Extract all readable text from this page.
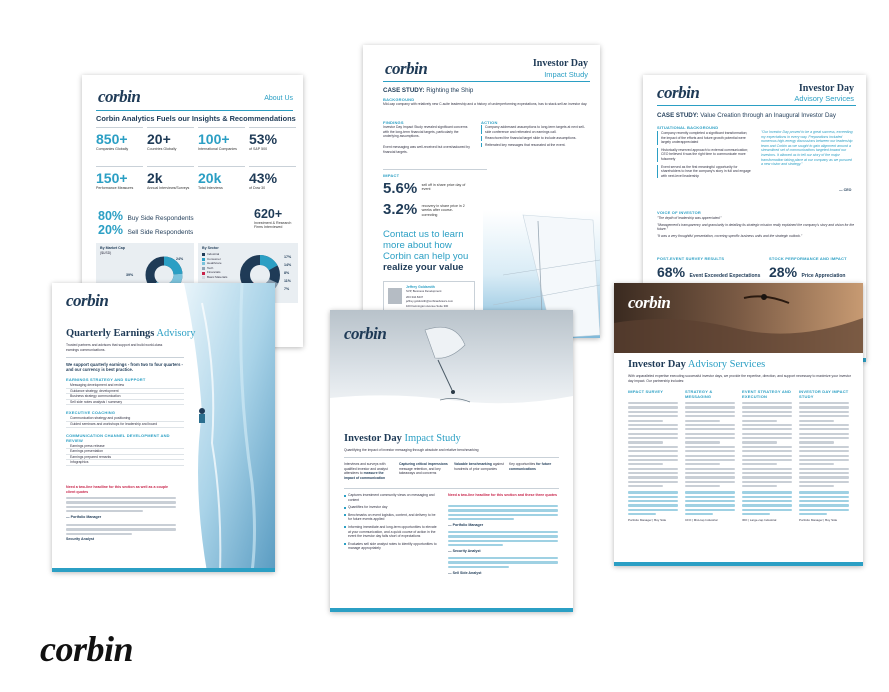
corbin	About Us
Corbin Analytics Fuels our Insights & Recommendations
850+
Companies Globally
20+
Countries Globally
100+
International Companies
53%
of S&P 500
150+
Performance Measures
2k
Annual Interviews/Surveys
20k
Total Interviews
43%
of Dow 30
80% Buy Side Respondents
20% Sell Side Respondents
620+
Investment & Research Firms Interviewed
By Market Cap
($USD)
39%
24%
By Sector
Industrial
Consumer
Healthcare
Tech
Financials
Basic Materials
17%
14%
8%
11%
7%
corbin	Investor Day
Impact Study
CASE STUDY: Righting the Ship
BACKGROUND
Mid-cap company with relatively new C-suite leadership and a history of underperforming expectations, has to stack-sell an investor day.
FINDINGS
Investor Day Impact Study revealed significant concerns with the long-term financial targets, particularly the underlying assumptions.
Event messaging was well-received but overshadowed by financial targets.
ACTION
Company addressed assumptions to long-term targets at next sell-side conference and reiterated on earnings call.
Reanchored the financial target slide to include assumptions.
Reiterated key messages that resonated at the event.
IMPACT
5.6% sell off in share price day of event
3.2% recovery in share price in 2 weeks after course-correcting
Contact us to learn
more about how
Corbin can help you
realize your value
Jeffrey Goldsmith
SVP, Business Development
203.344.8447
jeffrey.goldsmith@corbinadvisors.com
100 Farmington Avenue Suite 300
corbin	Investor Day
Advisory Services
CASE STUDY: Value Creation through an Inaugural Investor Day
SITUATIONAL BACKGROUND
Company recently completed a significant transformation; the impact of the efforts and future growth potential were largely underappreciated
Historically reserved approach to external communication; CEO believed it was the right time to communicate more fulsomely
Event served as the first meaningful opportunity for shareholders to hear the company's story in full and engage with next-level leadership
"Our Investor Day proved to be a great success, exceeding my expectations in every way. Preparations included numerous high-energy discussions between our leadership team and Corbin as we sought to gain alignment around a streamlined set of communications targeted toward our investors. It allowed us to tell our story of the major transformation taking place at our company as we pursued a new vision and strategy."
— CEO
VOICE OF INVESTOR
"The depth of leadership was appreciated."
"Management's transparency and granularity in detailing its strategic mission really explained the company's story and vision for the future."
"It was a very thoughtful presentation, covering specific business units and the strategic outlook."
POST-EVENT SURVEY RESULTS
68% Event Exceeded Expectations
STOCK PERFORMANCE AND IMPACT
28% Price Appreciation
corbin
Quarterly Earnings Advisory
Trusted partners and advisors that support and build world-class earnings communications.
We support quarterly earnings - from two to four quarters - and our currency is best practice.
EARNINGS STRATEGY AND SUPPORT
Messaging development and review
Guidance strategy, development
Business strategy communication
Sell side notes analysis / summary
EXECUTIVE COACHING
Communication strategy and positioning
Guided seminars and workshops for leadership and board
COMMUNICATION CHANNEL DEVELOPMENT AND REVIEW
Earnings press release
Earnings presentation
Earnings prepared remarks
Infographics
Need a two-line headline for this section as well as a couple client quotes
— Portfolio Manager
Security Analyst
corbin
Investor Day Impact Study
Quantifying the impact of investor messaging through absolute and relative benchmarking
Interviews and surveys with qualified investor and analyst attendees to measure the impact of communication
Capturing critical impressions message retention, and key takeaways and concerns
Valuable benchmarking against hundreds of prior companies
Key opportunities for future communications
Captures investment community views on messaging and content
Quantifies for investor day
Benchmarks on event logistics, content, and delivery to be for future events applied
Informing immediate and long-term opportunities to elevate at your communication, and a quick course of action in the event the investor day falls short of expectations
Evaluates sell side analyst notes to identify opportunities to manage appropriately
Need a two-line headline for this section and these three quotes
— Portfolio Manager
— Security Analyst
— Sell Side Analyst
corbin
Investor Day Advisory Services
With unparalleled expertise executing successful investor days, we provide the expertise, direction, and support necessary to maximize your investor day impact. Our partnership includes:
IMPACT SURVEY
Portfolio Manager | Buy Side
STRATEGY & MESSAGING
CFO | Mid-cap Industrial
EVENT STRATEGY AND EXECUTION
IRO | Large-cap Industrial
INVESTOR DAY IMPACT STUDY
Portfolio Manager | Buy Side
corbin
